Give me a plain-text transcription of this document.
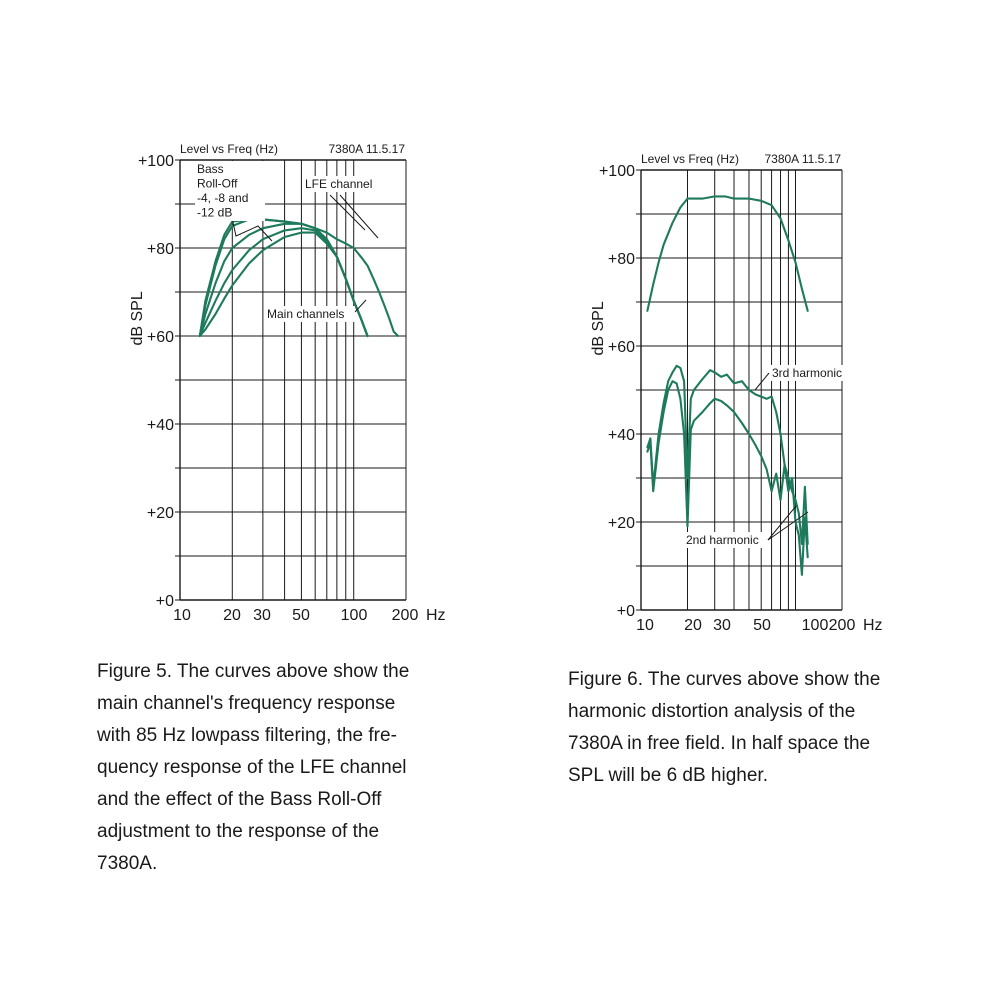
Level vs Freq (Hz)	7380A 11.5.17
+0
+20
+40
+60
+80
+100
10 20 30 50 100 200 Hz
dB SPL
Bass
Roll-Off
-4, -8 and
-12 dB
LFE channel
Main channels
Level vs Freq (Hz) 7380A 11.5.17
+0
+20
+40
+60
+80
+100
10 20 30 50 100 200 Hz
dB SPL
3rd harmonic
2nd harmonic
Figure 5. The curves above show the
main channel's frequency response
with 85 Hz lowpass filtering, the fre-
quency response of the LFE channel
and the effect of the Bass Roll-Off
adjustment to the response of the
7380A.
Figure 6. The curves above show the
harmonic distortion analysis of the
7380A in free field. In half space the
SPL will be 6 dB higher.
